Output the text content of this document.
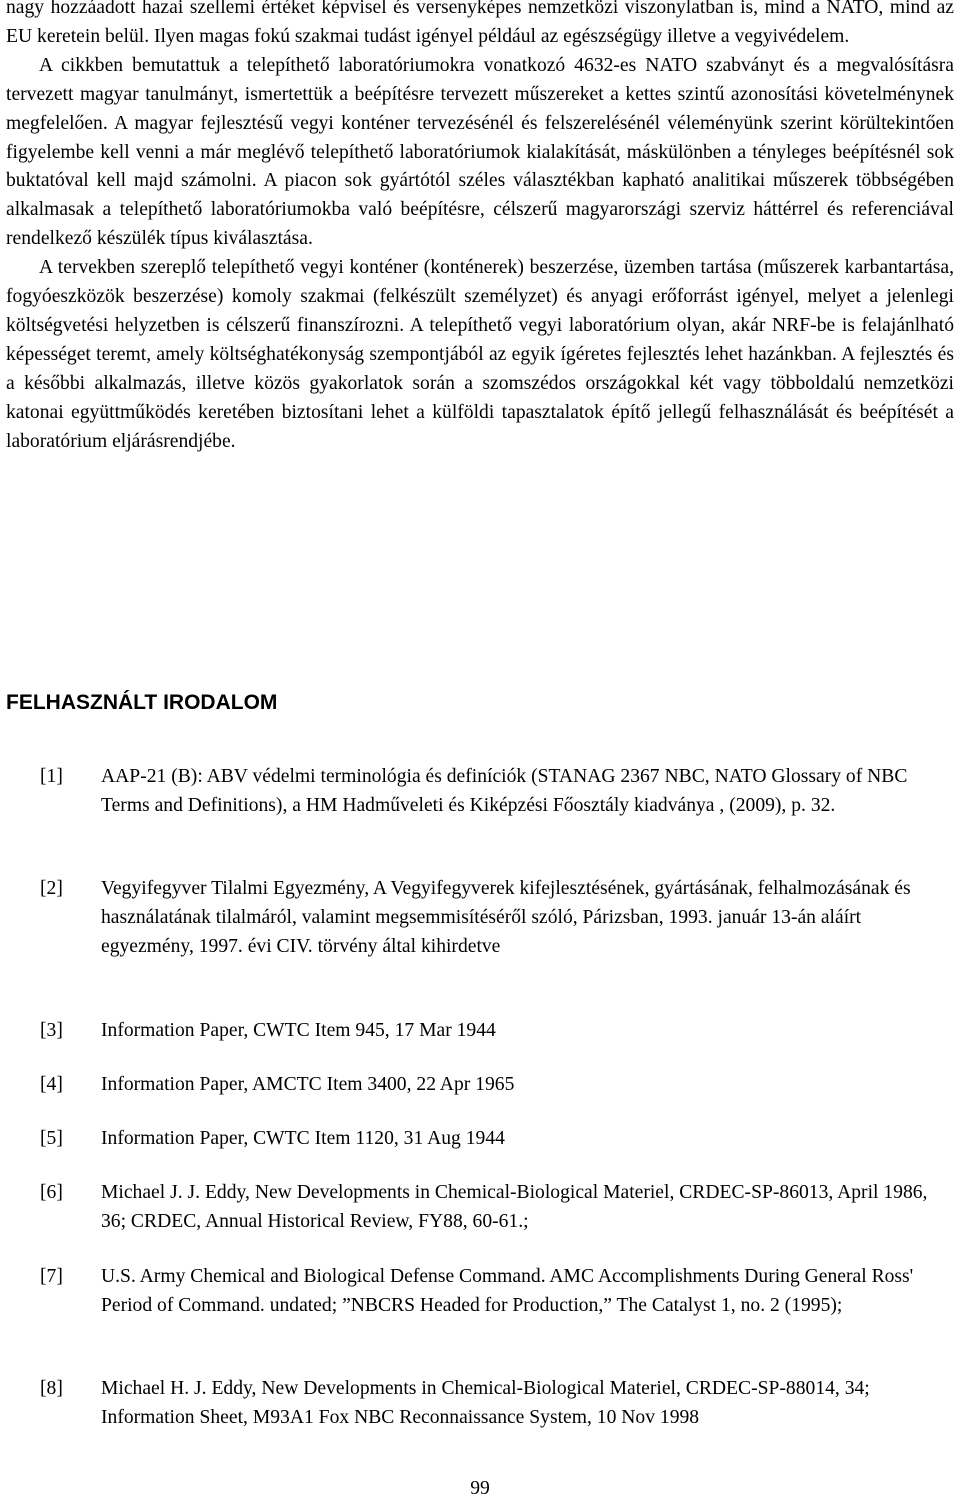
nagy hozzáadott hazai szellemi értéket képvisel és versenyképes nemzetközi viszonylatban is, mind a NATO, mind az EU keretein belül. Ilyen magas fokú szakmai tudást igényel például az egészségügy illetve a vegyivédelem.

A cikkben bemutattuk a telepíthető laboratóriumokra vonatkozó 4632-es NATO szabványt és a megvalósításra tervezett magyar tanulmányt, ismertettük a beépítésre tervezett műszereket a kettes szintű azonosítási követelménynek megfelelően. A magyar fejlesztésű vegyi konténer tervezésénél és felszerelésénél véleményünk szerint körültekintően figyelembe kell venni a már meglévő telepíthető laboratóriumok kialakítását, máskülönben a tényleges beépítésnél sok buktatóval kell majd számolni. A piacon sok gyártótól széles választékban kapható analitikai műszerek többségében alkalmasak a telepíthető laboratóriumokba való beépítésre, célszerű magyarországi szerviz háttérrel és referenciával rendelkező készülék típus kiválasztása.

A tervekben szereplő telepíthető vegyi konténer (konténerek) beszerzése, üzemben tartása (műszerek karbantartása, fogyóeszközök beszerzése) komoly szakmai (felkészült személyzet) és anyagi erőforrást igényel, melyet a jelenlegi költségvetési helyzetben is célszerű finanszírozni. A telepíthető vegyi laboratórium olyan, akár NRF-be is felajánlható képességet teremt, amely költséghatékonyság szempontjából az egyik ígéretes fejlesztés lehet hazánkban. A fejlesztés és a későbbi alkalmazás, illetve közös gyakorlatok során a szomszédos országokkal két vagy többoldalú nemzetközi katonai együttműködés keretében biztosítani lehet a külföldi tapasztalatok építő jellegű felhasználását és beépítését a laboratórium eljárásrendjébe.

FELHASZNÁLT IRODALOM
[1] AAP-21 (B): ABV védelmi terminológia és definíciók (STANAG 2367 NBC, NATO Glossary of NBC Terms and Definitions), a HM Hadműveleti és Kiképzési Főosztály kiadványa , (2009), p. 32.
[2] Vegyifegyver Tilalmi Egyezmény, A Vegyifegyverek kifejlesztésének, gyártásának, felhalmozásának és használatának tilalmáról, valamint megsemmisítéséről szóló, Párizsban, 1993. január 13-án aláírt egyezmény, 1997. évi CIV. törvény által kihirdetve
[3] Information Paper, CWTC Item 945, 17 Mar 1944
[4] Information Paper, AMCTC Item 3400, 22 Apr 1965
[5] Information Paper, CWTC Item 1120, 31 Aug 1944
[6] Michael J. J. Eddy, New Developments in Chemical-Biological Materiel, CRDEC-SP-86013, April 1986, 36; CRDEC, Annual Historical Review, FY88, 60-61.;
[7] U.S. Army Chemical and Biological Defense Command. AMC Accomplishments During General Ross' Period of Command. undated; ”NBCRS Headed for Production,” The Catalyst 1, no. 2 (1995);
[8] Michael H. J. Eddy, New Developments in Chemical-Biological Materiel, CRDEC-SP-88014, 34; Information Sheet, M93A1 Fox NBC Reconnaissance System, 10 Nov 1998
99
